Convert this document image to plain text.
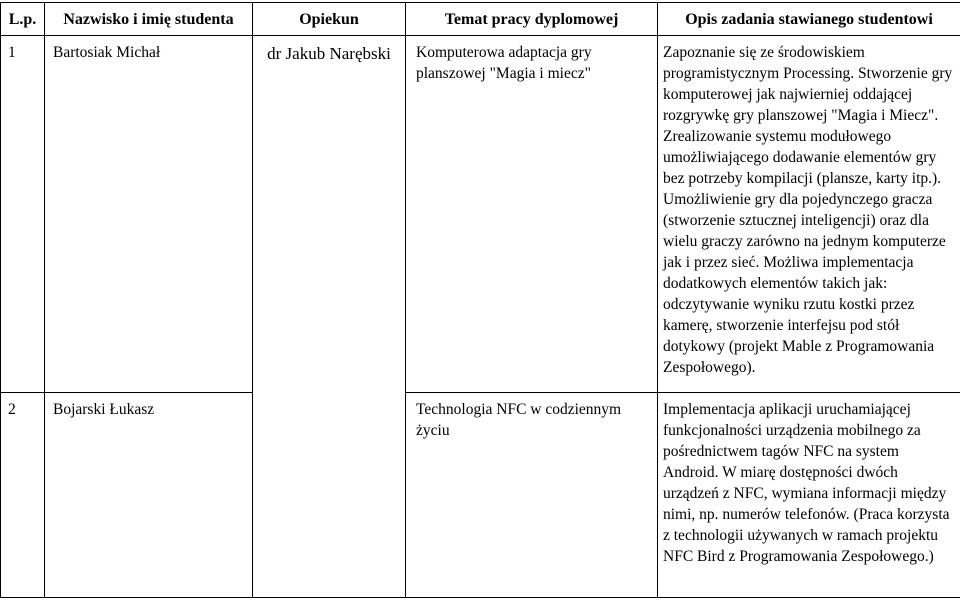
L.p.	Nazwisko i imię studenta	Opiekun	Temat pracy dyplomowej	Opis zadania stawianego studentowi
1	Bartosiak Michał	dr Jakub Narębski	Komputerowa adaptacja gry planszowej "Magia i miecz"	Zapoznanie się ze środowiskiem programistycznym Processing. Stworzenie gry komputerowej jak najwierniej oddającej rozgrywkę gry planszowej "Magia i Miecz". Zrealizowanie systemu modułowego umożliwiającego dodawanie elementów gry bez potrzeby kompilacji (plansze, karty itp.). Umożliwienie gry dla pojedynczego gracza (stworzenie sztucznej inteligencji) oraz dla wielu graczy zarówno na jednym komputerze jak i przez sieć. Możliwa implementacja dodatkowych elementów takich jak: odczytywanie wyniku rzutu kostki przez kamerę, stworzenie interfejsu pod stół dotykowy (projekt Mable z Programowania Zespołowego).
2	Bojarski Łukasz		Technologia NFC w codziennym życiu	Implementacja aplikacji uruchamiającej funkcjonalności urządzenia mobilnego za pośrednictwem tagów NFC na system Android. W miarę dostępności dwóch urządzeń z NFC, wymiana informacji między nimi, np. numerów telefonów. (Praca korzysta z technologii używanych w ramach projektu NFC Bird z Programowania Zespołowego.)
